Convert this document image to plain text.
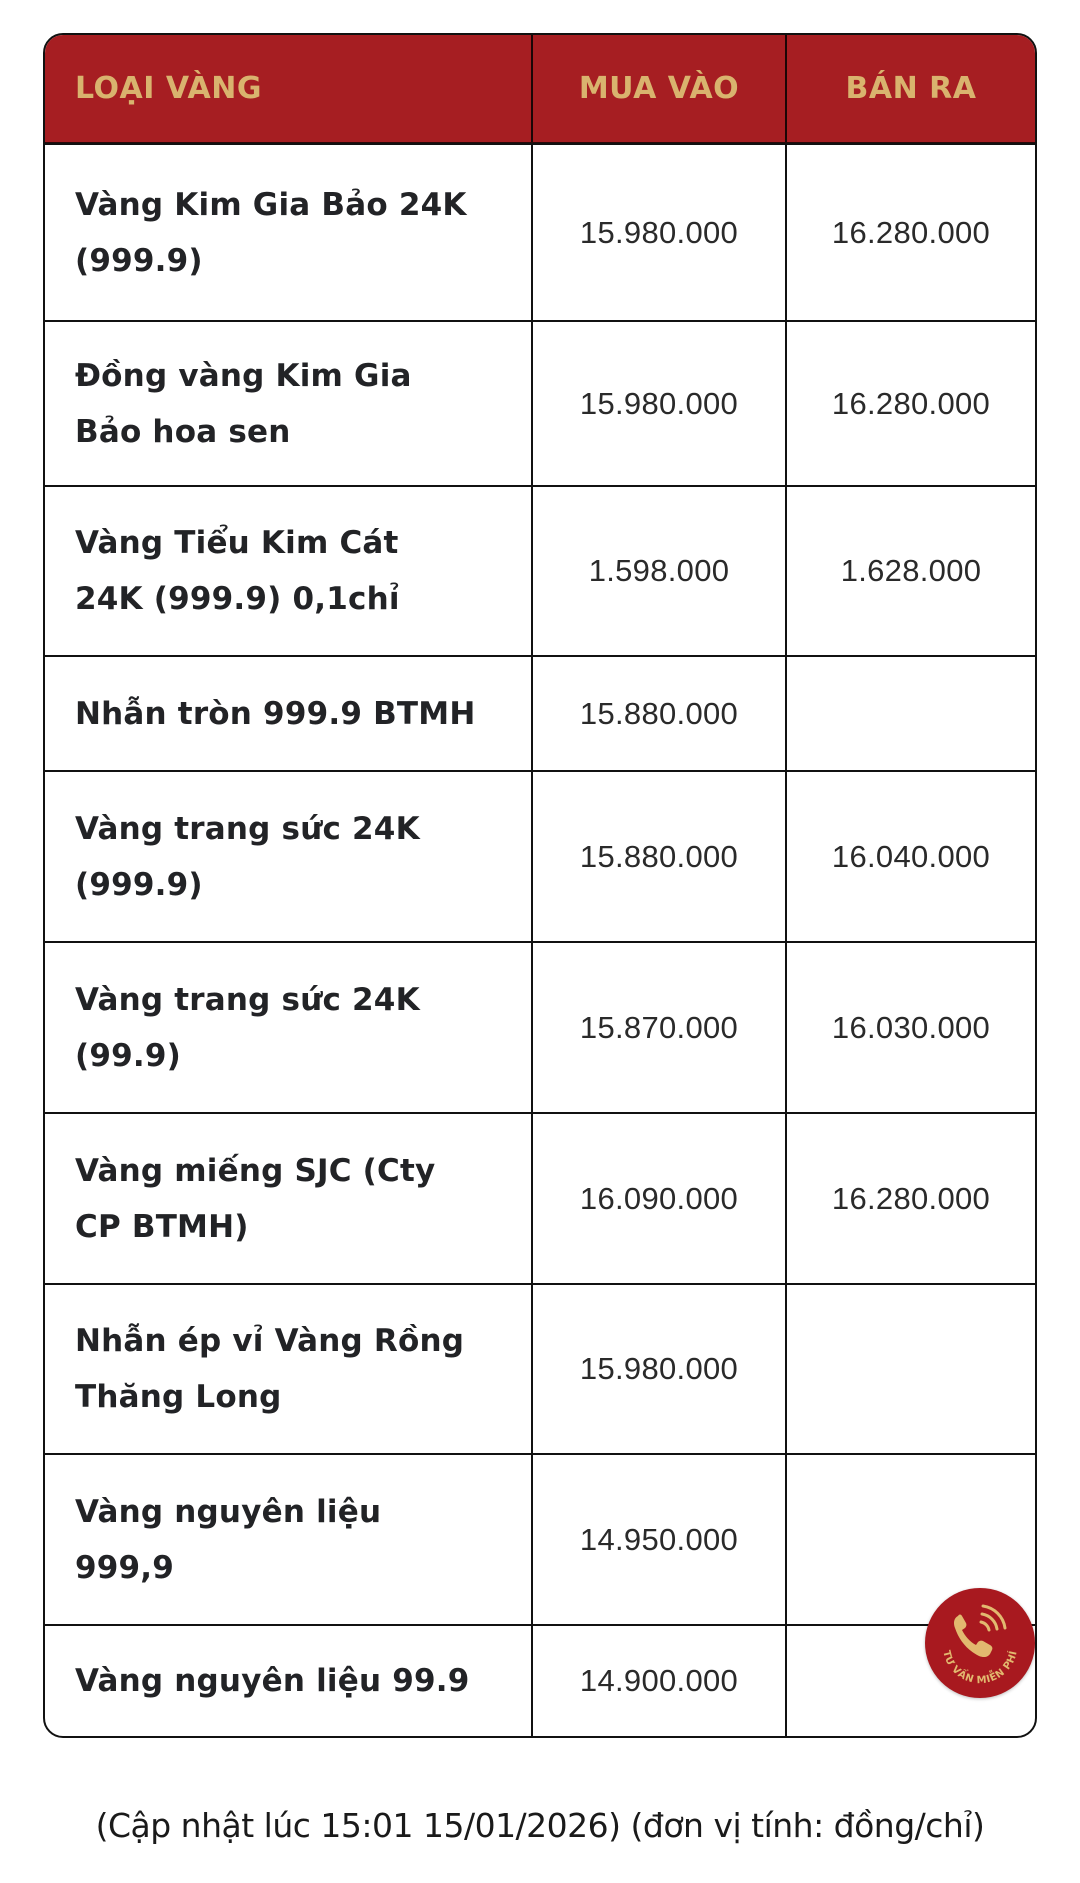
LOẠI VÀNG	MUA VÀO	BÁN RA
Vàng Kim Gia Bảo 24K
(999.9)
15.980.000	16.280.000
Đồng vàng Kim Gia
Bảo hoa sen
15.980.000	16.280.000
Vàng Tiểu Kim Cát
24K (999.9) 0,1chỉ
1.598.000	1.628.000
Nhẫn tròn 999.9 BTMH	15.880.000
Vàng trang sức 24K
(999.9)
15.880.000	16.040.000
Vàng trang sức 24K
(99.9)
15.870.000	16.030.000
Vàng miếng SJC (Cty
CP BTMH)
16.090.000	16.280.000
Nhẫn ép vỉ Vàng Rồng
Thăng Long
15.980.000
Vàng nguyên liệu
999,9
14.950.000
Vàng nguyên liệu 99.9	14.900.000
TƯ VẤN MIỄN PHÍ
(Cập nhật lúc 15:01 15/01/2026) (đơn vị tính: đồng/chỉ)
